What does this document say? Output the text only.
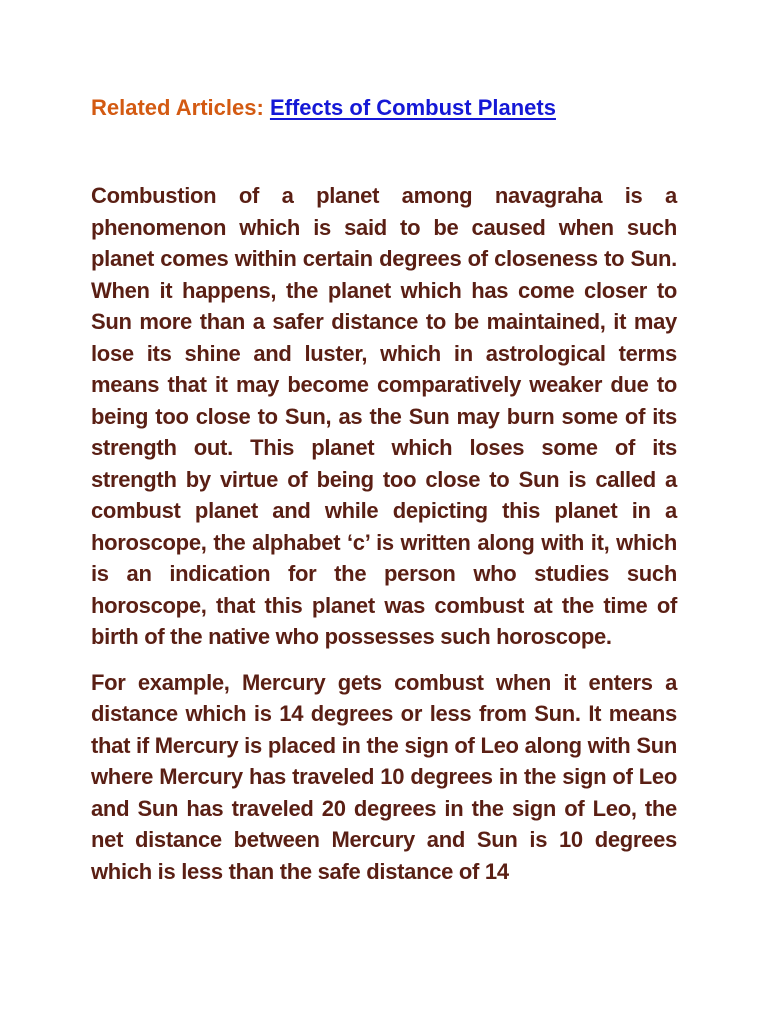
Related Articles: Effects of Combust Planets

Combustion of a planet among navagraha is a phenomenon which is said to be caused when such planet comes within certain degrees of closeness to Sun. When it happens, the planet which has come closer to Sun more than a safer distance to be maintained, it may lose its shine and luster, which in astrological terms means that it may become comparatively weaker due to being too close to Sun, as the Sun may burn some of its strength out. This planet which loses some of its strength by virtue of being too close to Sun is called a combust planet and while depicting this planet in a horoscope, the alphabet ‘c’ is written along with it, which is an indication for the person who studies such horoscope, that this planet was combust at the time of birth of the native who possesses such horoscope.

For example, Mercury gets combust when it enters a distance which is 14 degrees or less from Sun. It means that if Mercury is placed in the sign of Leo along with Sun where Mercury has traveled 10 degrees in the sign of Leo and Sun has traveled 20 degrees in the sign of Leo, the net distance between Mercury and Sun is 10 degrees which is less than the safe distance of 14
